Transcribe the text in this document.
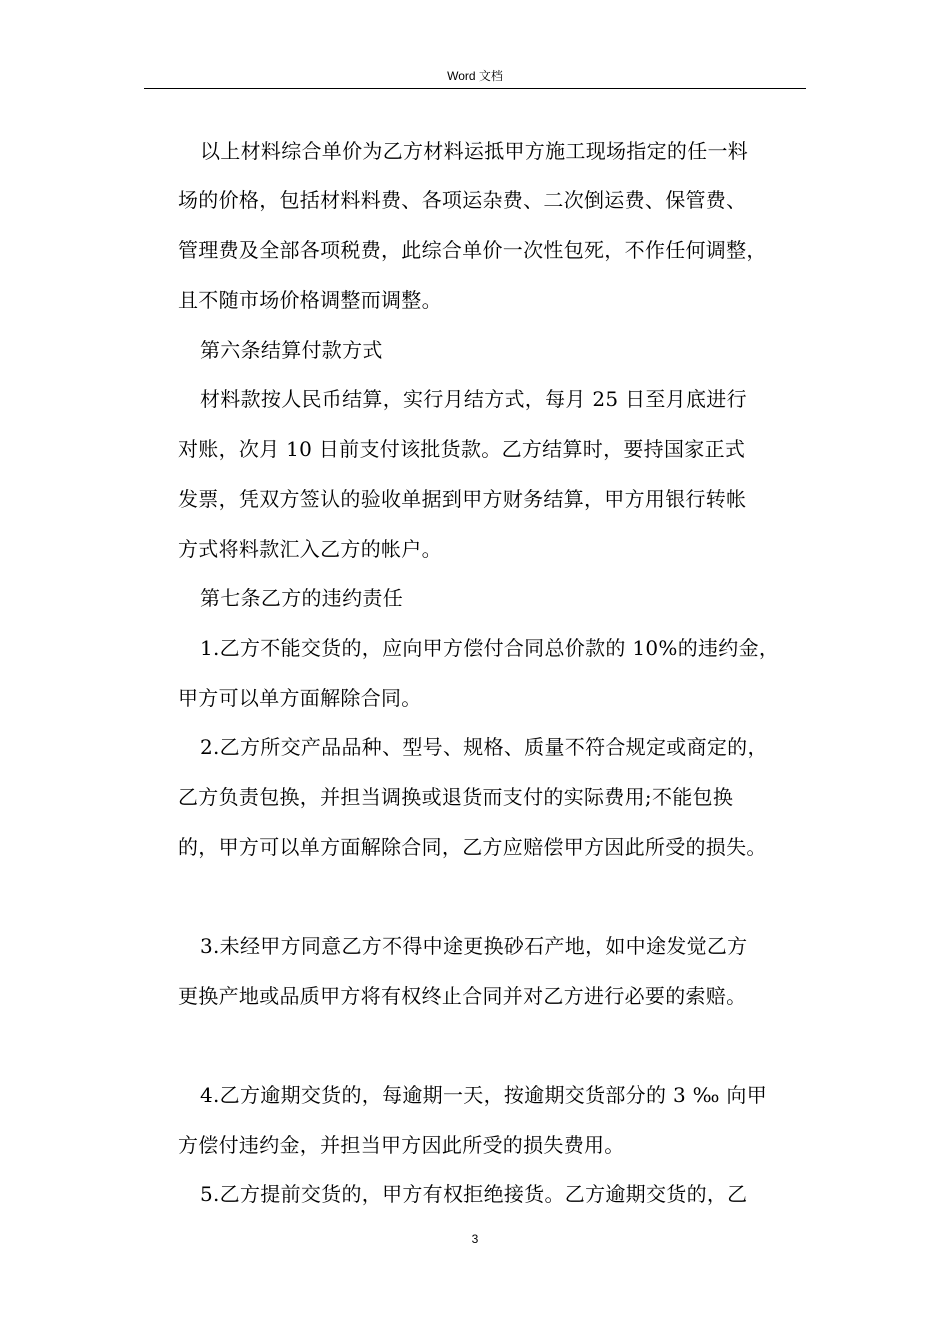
Word 文档
以上材料综合单价为乙方材料运抵甲方施工现场指定的任一料
场的价格，包括材料料费、各项运杂费、二次倒运费、保管费、
管理费及全部各项税费，此综合单价一次性包死，不作任何调整，
且不随市场价格调整而调整。
第六条结算付款方式
材料款按人民币结算，实行月结方式，每月 25 日至月底进行
对账，次月 10 日前支付该批货款。乙方结算时，要持国家正式
发票，凭双方签认的验收单据到甲方财务结算，甲方用银行转帐
方式将料款汇入乙方的帐户。
第七条乙方的违约责任
1.乙方不能交货的，应向甲方偿付合同总价款的 10%的违约金，
甲方可以单方面解除合同。
2.乙方所交产品品种、型号、规格、质量不符合规定或商定的，
乙方负责包换，并担当调换或退货而支付的实际费用;不能包换
的，甲方可以单方面解除合同，乙方应赔偿甲方因此所受的损失。
3.未经甲方同意乙方不得中途更换砂石产地，如中途发觉乙方
更换产地或品质甲方将有权终止合同并对乙方进行必要的索赔。
4.乙方逾期交货的，每逾期一天，按逾期交货部分的 3 ‰ 向甲
方偿付违约金，并担当甲方因此所受的损失费用。
5.乙方提前交货的，甲方有权拒绝接货。乙方逾期交货的，乙
3
